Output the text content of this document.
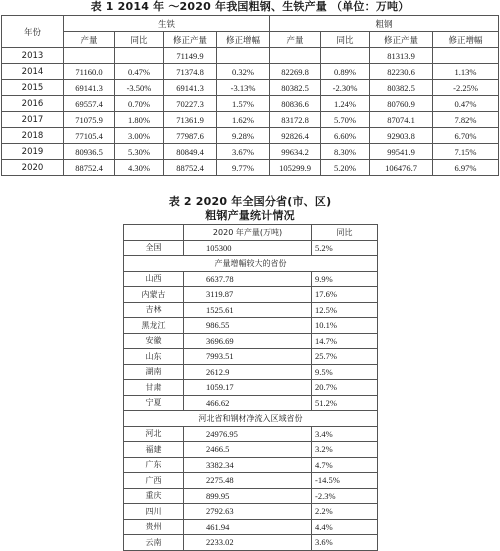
表 1 2014 年 ～2020 年我国粗钢、生铁产量 （单位：万吨）
年份	生铁				粗钢			
	产量	同比	修正产量	修正增幅	产量	同比	修正产量	修正增幅
2013			71149.9				81313.9	
2014	71160.0	0.47%	71374.8	0.32%	82269.8	0.89%	82230.6	1.13%
2015	69141.3	-3.50%	69141.3	-3.13%	80382.5	-2.30%	80382.5	-2.25%
2016	69557.4	0.70%	70227.3	1.57%	80836.6	1.24%	80760.9	0.47%
2017	71075.9	1.80%	71361.9	1.62%	83172.8	5.70%	87074.1	7.82%
2018	77105.4	3.00%	77987.6	9.28%	92826.4	6.60%	92903.8	6.70%
2019	80936.5	5.30%	80849.4	3.67%	99634.2	8.30%	99541.9	7.15%
2020	88752.4	4.30%	88752.4	9.77%	105299.9	5.20%	106476.7	6.97%
表 2 2020 年全国分省(市、区)
粗钢产量统计情况
	2020 年产量(万吨)	同比
全国	105300	5.2%
产量增幅较大的省份		
山西	6637.78	9.9%
内蒙古	3119.87	17.6%
吉林	1525.61	12.5%
黑龙江	986.55	10.1%
安徽	3696.69	14.7%
山东	7993.51	25.7%
湖南	2612.9	9.5%
甘肃	1059.17	20.7%
宁夏	466.62	51.2%
河北省和钢材净流入区域省份		
河北	24976.95	3.4%
福建	2466.5	3.2%
广东	3382.34	4.7%
广西	2275.48	-14.5%
重庆	899.95	-2.3%
四川	2792.63	2.2%
贵州	461.94	4.4%
云南	2233.02	3.6%
